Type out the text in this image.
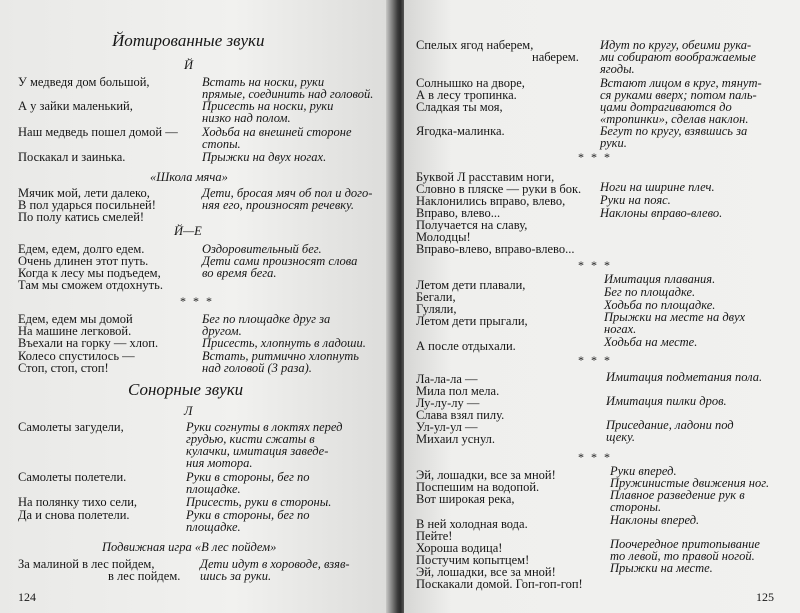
Йотированные звуки
Й
У медведя дом большой,
А у зайки маленький,
Наш медведь пошел домой —
Поскакал и заинька.
Встать на носки, руки
прямые, соединить над головой.
Присесть на носки, руки
низко над полом.
Ходьба на внешней стороне
стопы.
Прыжки на двух ногах.
«Школа мяча»
Мячик мой, лети далеко,
В пол ударься посильней!
По полу катись смелей!
Дети, бросая мяч об пол и дого-
няя его, произносят речевку.
Й—Е
Едем, едем, долго едем.
Очень длинен этот путь.
Когда к лесу мы подъедем,
Там мы сможем отдохнуть.
Оздоровительный бег.
Дети сами произносят слова
во время бега.
* * *
Едем, едем мы домой
На машине легковой.
Въехали на горку — хлоп.
Колесо спустилось —
Стоп, стоп, стоп!
Бег по площадке друг за
другом.
Присесть, хлопнуть в ладоши.
Встать, ритмично хлопнуть
над головой (3 раза).
Сонорные звуки
Л
Самолеты загудели,
Самолеты полетели.
На полянку тихо сели,
Да и снова полетели.
Руки согнуты в локтях перед
грудью, кисти сжаты в
кулачки, имитация заведе-
ния мотора.
Руки в стороны, бег по
площадке.
Присесть, руки в стороны.
Руки в стороны, бег по
площадке.
Подвижная игра «В лес пойдем»
За малиной в лес пойдем,
в лес пойдем.
Дети идут в хороводе, взяв-
шись за руки.
124
Спелых ягод наберем,
наберем.
Солнышко на дворе,
А в лесу тропинка.
Сладкая ты моя,
Ягодка-малинка.
Идут по кругу, обеими рука-
ми собирают воображаемые
ягоды.
Встают лицом в круг, тянут-
ся руками вверх; потом паль-
цами дотрагиваются до
«тропинки», сделав наклон.
Бегут по кругу, взявшись за
руки.
* * *
Буквой Л расставим ноги,
Словно в пляске — руки в бок.
Наклонились вправо, влево,
Вправо, влево...
Получается на славу,
Молодцы!
Вправо-влево, вправо-влево...
Ноги на ширине плеч.
Руки на пояс.
Наклоны вправо-влево.
* * *
Летом дети плавали,
Бегали,
Гуляли,
Летом дети прыгали,
А после отдыхали.
Имитация плавания.
Бег по площадке.
Ходьба по площадке.
Прыжки на месте на двух
ногах.
Ходьба на месте.
* * *
Ла-ла-ла —
Мила пол мела.
Лу-лу-лу —
Слава взял пилу.
Ул-ул-ул —
Михаил уснул.
Имитация подметания пола.
Имитация пилки дров.
Приседание, ладони под
щеку.
* * *
Эй, лошадки, все за мной!
Поспешим на водопой.
Вот широкая река,
В ней холодная вода.
Пейте!
Хороша водица!
Постучим копытцем!
Эй, лошадки, все за мной!
Поскакали домой. Гоп-гоп-гоп!
Руки вперед.
Пружинистые движения ног.
Плавное разведение рук в
стороны.
Наклоны вперед.
Поочередное притопывание
то левой, то правой ногой.
Прыжки на месте.
125
